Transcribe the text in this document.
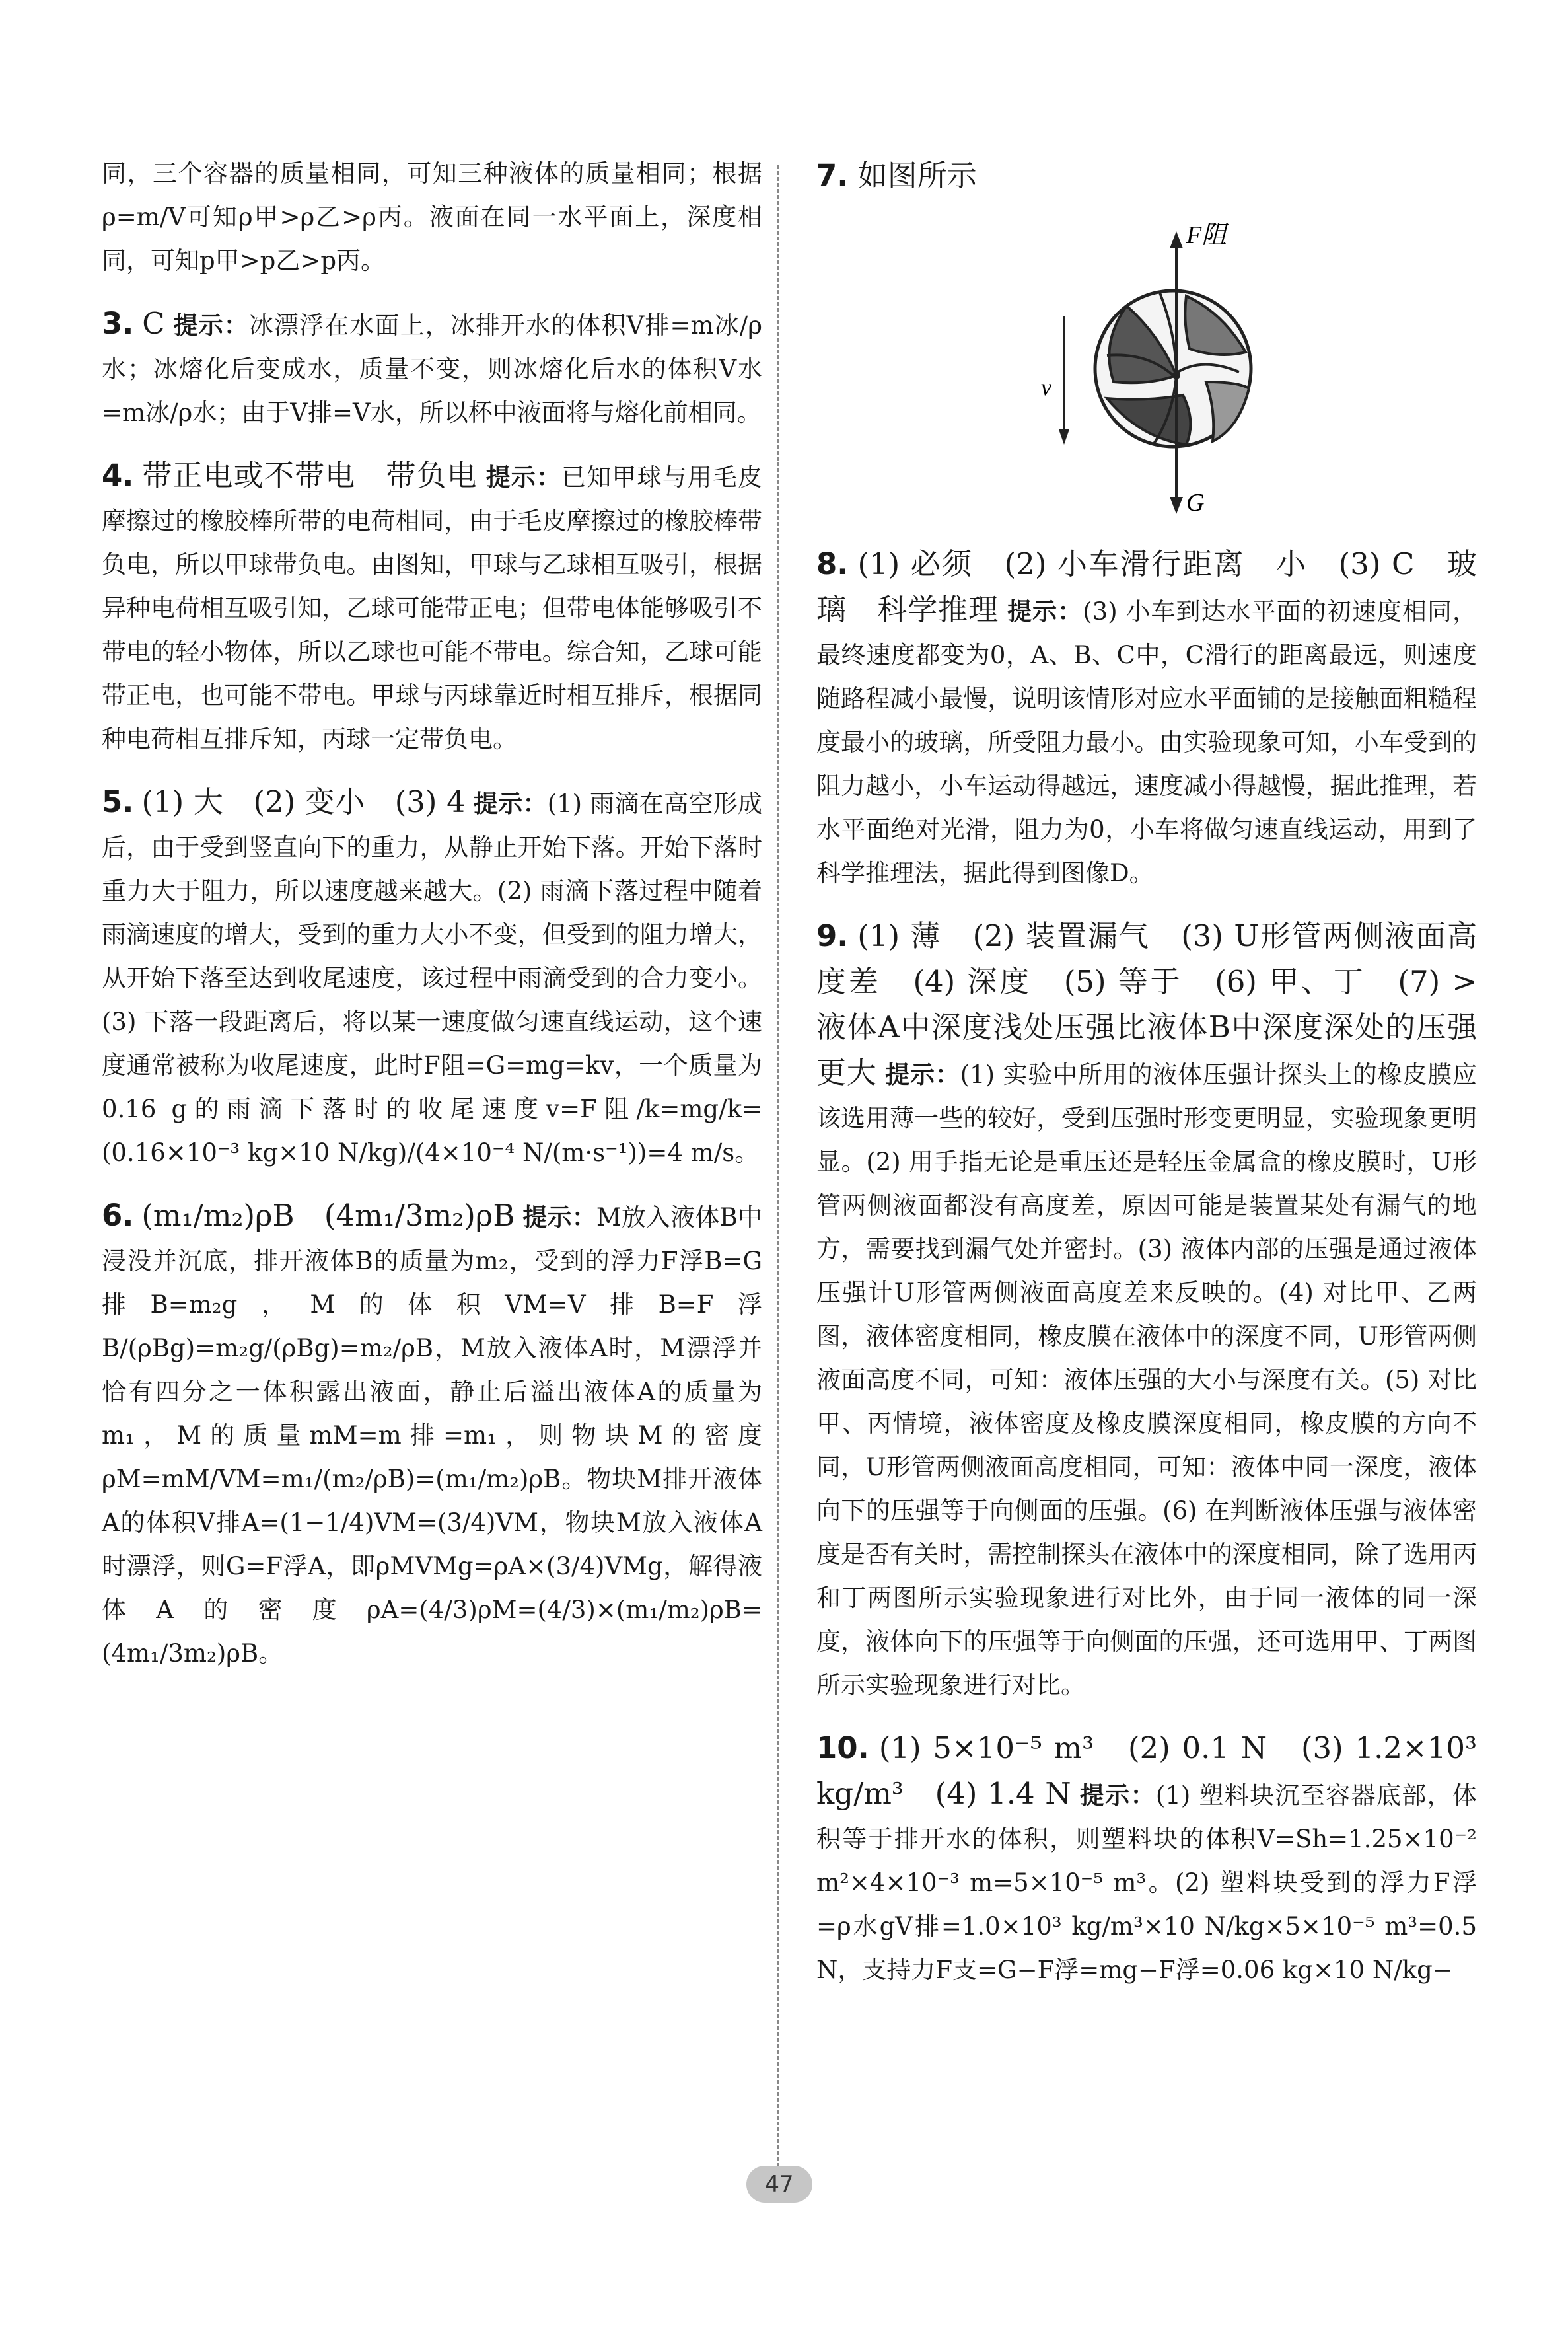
同，三个容器的质量相同，可知三种液体的质量相同；根据ρ=m/V可知ρ甲>ρ乙>ρ丙。液面在同一水平面上，深度相同，可知p甲>p乙>p丙。

3. C 提示：冰漂浮在水面上，冰排开水的体积V排=m冰/ρ水；冰熔化后变成水，质量不变，则冰熔化后水的体积V水=m冰/ρ水；由于V排=V水，所以杯中液面将与熔化前相同。

4. 带正电或不带电　带负电 提示：已知甲球与用毛皮摩擦过的橡胶棒所带的电荷相同，由于毛皮摩擦过的橡胶棒带负电，所以甲球带负电。由图知，甲球与乙球相互吸引，根据异种电荷相互吸引知，乙球可能带正电；但带电体能够吸引不带电的轻小物体，所以乙球也可能不带电。综合知，乙球可能带正电，也可能不带电。甲球与丙球靠近时相互排斥，根据同种电荷相互排斥知，丙球一定带负电。

5. (1) 大　(2) 变小　(3) 4 提示：(1) 雨滴在高空形成后，由于受到竖直向下的重力，从静止开始下落。开始下落时重力大于阻力，所以速度越来越大。(2) 雨滴下落过程中随着雨滴速度的增大，受到的重力大小不变，但受到的阻力增大，从开始下落至达到收尾速度，该过程中雨滴受到的合力变小。(3) 下落一段距离后，将以某一速度做匀速直线运动，这个速度通常被称为收尾速度，此时F阻=G=mg=kv，一个质量为0.16 g的雨滴下落时的收尾速度v=F阻/k=mg/k=(0.16×10⁻³ kg×10 N/kg)/(4×10⁻⁴ N/(m·s⁻¹))=4 m/s。

6. (m₁/m₂)ρB　(4m₁/3m₂)ρB 提示：M放入液体B中浸没并沉底，排开液体B的质量为m₂，受到的浮力F浮B=G排B=m₂g，M的体积VM=V排B=F浮B/(ρBg)=m₂g/(ρBg)=m₂/ρB，M放入液体A时，M漂浮并恰有四分之一体积露出液面，静止后溢出液体A的质量为m₁，M的质量mM=m排=m₁，则物块M的密度ρM=mM/VM=m₁/(m₂/ρB)=(m₁/m₂)ρB。物块M排开液体A的体积V排A=(1−1/4)VM=(3/4)VM，物块M放入液体A时漂浮，则G=F浮A，即ρMVMg=ρA×(3/4)VMg，解得液体A的密度ρA=(4/3)ρM=(4/3)×(m₁/m₂)ρB=(4m₁/3m₂)ρB。

7. 如图所示

F阻
G
v

8. (1) 必须　(2) 小车滑行距离　小　(3) C　玻璃　科学推理 提示：(3) 小车到达水平面的初速度相同，最终速度都变为0，A、B、C中，C滑行的距离最远，则速度随路程减小最慢，说明该情形对应水平面铺的是接触面粗糙程度最小的玻璃，所受阻力最小。由实验现象可知，小车受到的阻力越小，小车运动得越远，速度减小得越慢，据此推理，若水平面绝对光滑，阻力为0，小车将做匀速直线运动，用到了科学推理法，据此得到图像D。

9. (1) 薄　(2) 装置漏气　(3) U形管两侧液面高度差　(4) 深度　(5) 等于　(6) 甲、丁　(7) >　液体A中深度浅处压强比液体B中深度深处的压强更大 提示：(1) 实验中所用的液体压强计探头上的橡皮膜应该选用薄一些的较好，受到压强时形变更明显，实验现象更明显。(2) 用手指无论是重压还是轻压金属盒的橡皮膜时，U形管两侧液面都没有高度差，原因可能是装置某处有漏气的地方，需要找到漏气处并密封。(3) 液体内部的压强是通过液体压强计U形管两侧液面高度差来反映的。(4) 对比甲、乙两图，液体密度相同，橡皮膜在液体中的深度不同，U形管两侧液面高度不同，可知：液体压强的大小与深度有关。(5) 对比甲、丙情境，液体密度及橡皮膜深度相同，橡皮膜的方向不同，U形管两侧液面高度相同，可知：液体中同一深度，液体向下的压强等于向侧面的压强。(6) 在判断液体压强与液体密度是否有关时，需控制探头在液体中的深度相同，除了选用丙和丁两图所示实验现象进行对比外，由于同一液体的同一深度，液体向下的压强等于向侧面的压强，还可选用甲、丁两图所示实验现象进行对比。

10. (1) 5×10⁻⁵ m³　(2) 0.1 N　(3) 1.2×10³ kg/m³　(4) 1.4 N 提示：(1) 塑料块沉至容器底部，体积等于排开水的体积，则塑料块的体积V=Sh=1.25×10⁻² m²×4×10⁻³ m=5×10⁻⁵ m³。(2) 塑料块受到的浮力F浮=ρ水gV排=1.0×10³ kg/m³×10 N/kg×5×10⁻⁵ m³=0.5 N，支持力F支=G−F浮=mg−F浮=0.06 kg×10 N/kg−

47
